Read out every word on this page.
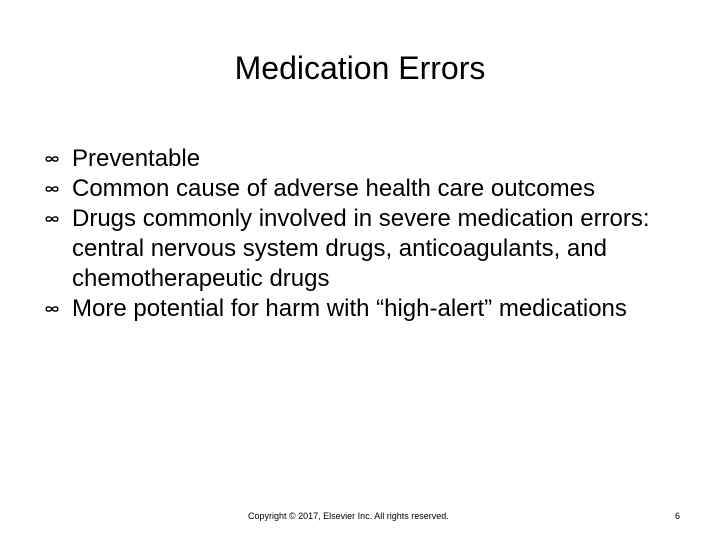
Medication Errors
Preventable
Common cause of adverse health care outcomes
Drugs commonly involved in severe medication errors: central nervous system drugs, anticoagulants, and chemotherapeutic drugs
More potential for harm with “high-alert” medications
Copyright © 2017, Elsevier Inc. All rights reserved.	6
